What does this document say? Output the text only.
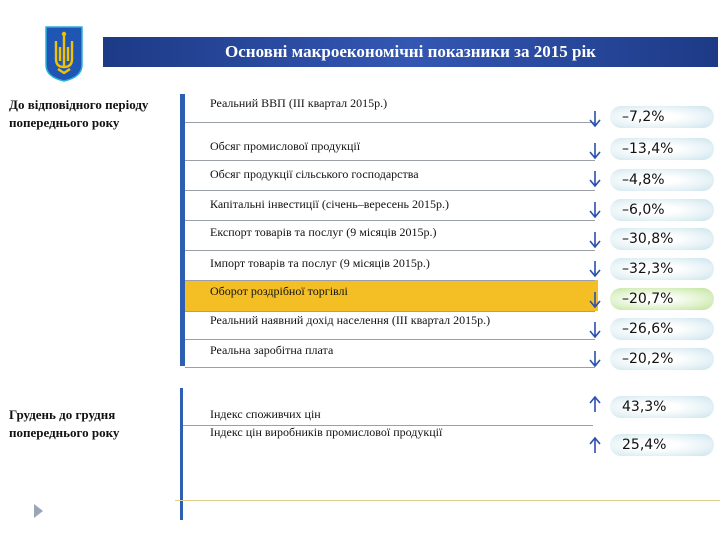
Основні макроекономічні показники за 2015 рік
До відповідного періоду попереднього року
Грудень до грудня попереднього року
Реальний ВВП (ІІІ квартал 2015р.)
Обсяг промислової продукції
Обсяг продукції сільського господарства
Капітальні інвестиції (січень–вересень 2015р.)
Експорт товарів та послуг (9 місяців 2015р.)
Імпорт товарів та послуг (9 місяців 2015р.)
Оборот роздрібної торгівлі
Реальний наявний дохід населення (ІІІ квартал 2015р.)
Реальна заробітна плата
Індекс споживчих цін
Індекс цін виробників промислової продукції
–7,2%
–13,4%
–4,8%
–6,0%
–30,8%
–32,3%
–20,7%
–26,6%
–20,2%
43,3%
25,4%
